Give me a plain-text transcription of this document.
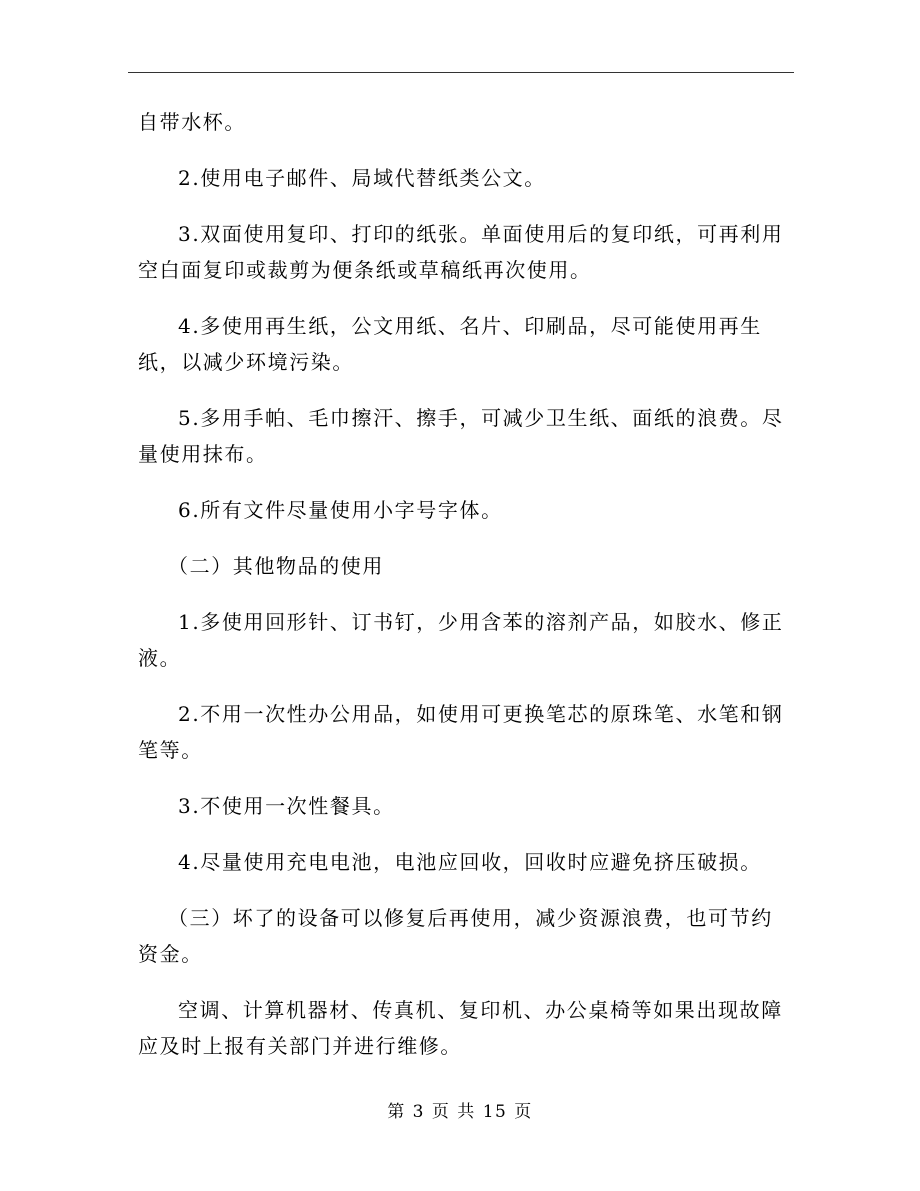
自带水杯。

2.使用电子邮件、局域代替纸类公文。

3.双面使用复印、打印的纸张。单面使用后的复印纸，可再利用空白面复印或裁剪为便条纸或草稿纸再次使用。

4.多使用再生纸，公文用纸、名片、印刷品，尽可能使用再生纸，以减少环境污染。

5.多用手帕、毛巾擦汗、擦手，可减少卫生纸、面纸的浪费。尽量使用抹布。

6.所有文件尽量使用小字号字体。

（二）其他物品的使用

1.多使用回形针、订书钉，少用含苯的溶剂产品，如胶水、修正液。

2.不用一次性办公用品，如使用可更换笔芯的原珠笔、水笔和钢笔等。

3.不使用一次性餐具。

4.尽量使用充电电池，电池应回收，回收时应避免挤压破损。

（三）坏了的设备可以修复后再使用，减少资源浪费，也可节约资金。

空调、计算机器材、传真机、复印机、办公桌椅等如果出现故障应及时上报有关部门并进行维修。

第 3 页 共 15 页
